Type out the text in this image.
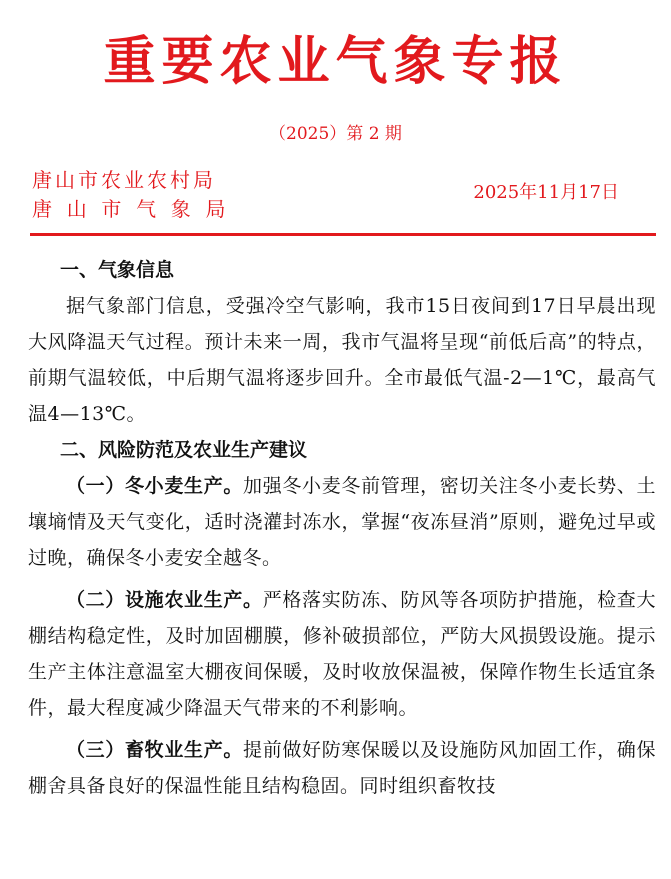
重要农业气象专报
（2025）第 2 期
唐山市农业农村局
唐山市气象局
2025年11月17日
一、气象信息

据气象部门信息，受强冷空气影响，我市15日夜间到17日早晨出现大风降温天气过程。预计未来一周，我市气温将呈现“前低后高”的特点，前期气温较低，中后期气温将逐步回升。全市最低气温-2—1℃，最高气温4—13℃。

二、风险防范及农业生产建议

（一）冬小麦生产。加强冬小麦冬前管理，密切关注冬小麦长势、土壤墒情及天气变化，适时浇灌封冻水，掌握“夜冻昼消”原则，避免过早或过晚，确保冬小麦安全越冬。

（二）设施农业生产。严格落实防冻、防风等各项防护措施，检查大棚结构稳定性，及时加固棚膜，修补破损部位，严防大风损毁设施。提示生产主体注意温室大棚夜间保暖，及时收放保温被，保障作物生长适宜条件，最大程度减少降温天气带来的不利影响。

（三）畜牧业生产。提前做好防寒保暖以及设施防风加固工作，确保棚舍具备良好的保温性能且结构稳固。同时组织畜牧技
